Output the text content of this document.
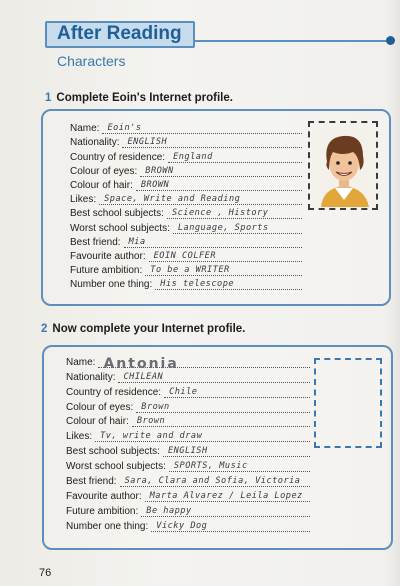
After Reading
Characters
1 Complete Eoin's Internet profile.
Name: Eoin's
Nationality: ENGLISH
Country of residence: England
Colour of eyes: BROWN
Colour of hair: BROWN
Likes: Space, Write and Reading
Best school subjects: Science , History
Worst school subjects: Language, Sports
Best friend: Mia
Favourite author: EOIN COLFER
Future ambition: To be a WRITER
Number one thing: His telescope
2 Now complete your Internet profile.
Name: Antonia
Nationality: CHILEAN
Country of residence: Chile
Colour of eyes: Brown
Colour of hair: Brown
Likes: Tv, write and draw
Best school subjects: ENGLISH
Worst school subjects: SPORTS, Music
Best friend: Sara, Clara and Sofia, Victoria
Favourite author: Marta Alvarez / Leila Lopez
Future ambition: Be happy
Number one thing: Vicky Dog
76
